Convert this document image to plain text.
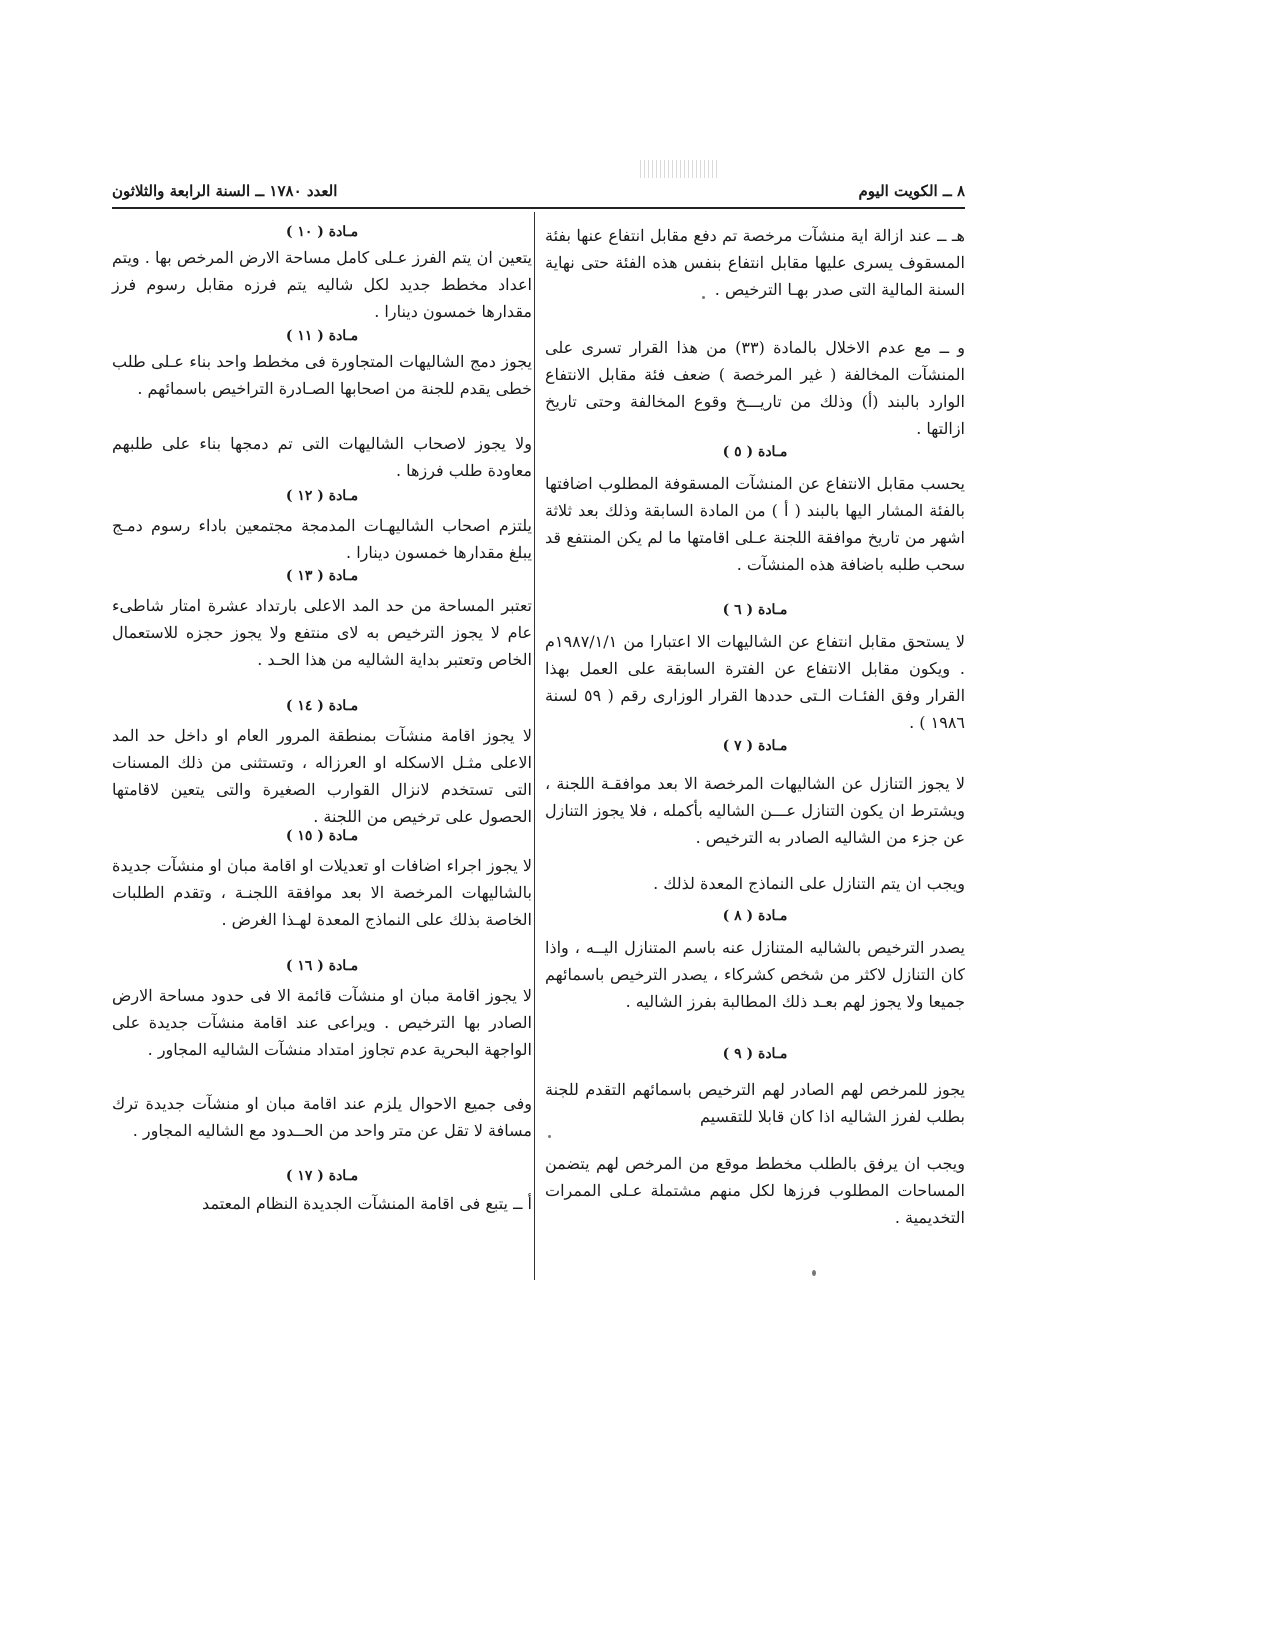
٨ ــ الكويت اليوم
العدد ١٧٨٠ ــ السنة الرابعة والثلاثون

هـ ــ عند ازالة اية منشآت مرخصة تم دفع مقابل انتفاع عنها بفئة المسقوف يسرى عليها مقابل انتفاع بنفس هذه الفئة حتى نهاية السنة المالية التى صدر بهـا الترخيص .

و ــ مع عدم الاخلال بالمادة (٣٣) من هذا القرار تسرى على المنشآت المخالفة ( غير المرخصة ) ضعف فئة مقابل الانتفاع الوارد بالبند (أ) وذلك من تاريـــخ وقوع المخالفة وحتى تاريخ ازالتها .

مـادة ( ٥ )

يحسب مقابل الانتفاع عن المنشآت المسقوفة المطلوب اضافتها بالفئة المشار اليها بالبند ( أ ) من المادة السابقة وذلك بعد ثلاثة اشهر من تاريخ موافقة اللجنة عـلى اقامتها ما لم يكن المنتفع قد سحب طلبه باضافة هذه المنشآت .

مـادة ( ٦ )

لا يستحق مقابل انتفاع عن الشاليهات الا اعتبارا من ١٩٨٧/١/١م . ويكون مقابل الانتفاع عن الفترة السابقة على العمل بهذا القرار وفق الفئـات الـتى حددها القرار الوزارى رقم ( ٥٩ لسنة ١٩٨٦ ) .

مـادة ( ٧ )

لا يجوز التنازل عن الشاليهات المرخصة الا بعد موافقـة اللجنة ، ويشترط ان يكون التنازل عـــن الشاليه بأكمله ، فلا يجوز التنازل عن جزء من الشاليه الصادر به الترخيص .

ويجب ان يتم التنازل على النماذج المعدة لذلك .

مـادة ( ٨ )

يصدر الترخيص بالشاليه المتنازل عنه باسم المتنازل اليــه ، واذا كان التنازل لاكثر من شخص كشركاء ، يصدر الترخيص باسمائهم جميعا ولا يجوز لهم بعـد ذلك المطالبة بفرز الشاليه .

مـادة ( ٩ )

يجوز للمرخص لهم الصادر لهم الترخيص باسمائهم التقدم للجنة بطلب لفرز الشاليه اذا كان قابلا للتقسيم

ويجب ان يرفق بالطلب مخطط موقع من المرخص لهم يتضمن المساحات المطلوب فرزها لكل منهم مشتملة عـلى الممرات التخديمية .

مـادة ( ١٠ )

يتعين ان يتم الفرز عـلى كامل مساحة الارض المرخص بها . ويتم اعداد مخطط جديد لكل شاليه يتم فرزه مقابل رسوم فرز مقدارها خمسون دينارا .

مـادة ( ١١ )

يجوز دمج الشاليهات المتجاورة فى مخطط واحد بناء عـلى طلب خطى يقدم للجنة من اصحابها الصـادرة التراخيص باسمائهم .

ولا يجوز لاصحاب الشاليهات التى تم دمجها بناء على طلبهم معاودة طلب فرزها .

مـادة ( ١٢ )

يلتزم اصحاب الشاليهـات المدمجة مجتمعين باداء رسوم دمـج يبلغ مقدارها خمسون دينارا .

مـادة ( ١٣ )

تعتبر المساحة من حد المد الاعلى بارتداد عشرة امتار شاطىء عام لا يجوز الترخيص به لاى منتفع ولا يجوز حجزه للاستعمال الخاص وتعتبر بداية الشاليه من هذا الحـد .

مـادة ( ١٤ )

لا يجوز اقامة منشآت بمنطقة المرور العام او داخل حد المد الاعلى مثـل الاسكله او العرزاله ، وتستثنى من ذلك المسنات التى تستخدم لانزال القوارب الصغيرة والتى يتعين لاقامتها الحصول على ترخيص من اللجنة .

مـادة ( ١٥ )

لا يجوز اجراء اضافات او تعديلات او اقامة مبان او منشآت جديدة بالشاليهات المرخصة الا بعد موافقة اللجنـة ، وتقدم الطلبات الخاصة بذلك على النماذج المعدة لهـذا الغرض .

مـادة ( ١٦ )

لا يجوز اقامة مبان او منشآت قائمة الا فى حدود مساحة الارض الصادر بها الترخيص . ويراعى عند اقامة منشآت جديدة على الواجهة البحرية عدم تجاوز امتداد منشآت الشاليه المجاور .

وفى جميع الاحوال يلزم عند اقامة مبان او منشآت جديدة ترك مسافة لا تقل عن متر واحد من الحــدود مع الشاليه المجاور .

مـادة ( ١٧ )

أ ــ يتبع فى اقامة المنشآت الجديدة النظام المعتمد
